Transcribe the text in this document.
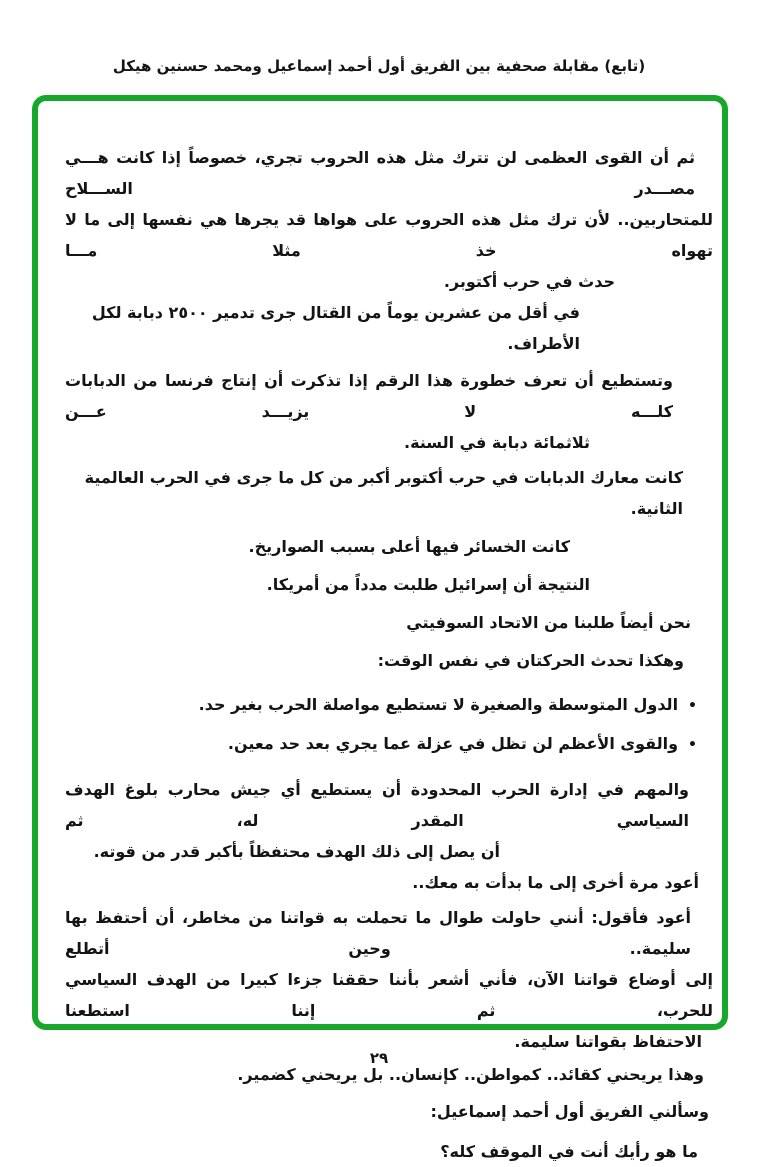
(تابع) مقابلة صحفية بين الفريق أول أحمد إسماعيل ومحمد حسنين هيكل
ثم أن القوى العظمى لن تترك مثل هذه الحروب تجري، خصوصاً إذا كانت هـــي مصـــدر الســـلاح
للمتحاربين.. لأن ترك مثل هذه الحروب على هواها قد يجرها هي نفسها إلى ما لا تهواه خذ مثلا مـــا
حدث في حرب أكتوبر.
في أقل من عشرين يوماً من القتال جرى تدمير ٢٥٠٠ دبابة لكل الأطراف.
وتستطيع أن تعرف خطورة هذا الرقم إذا تذكرت أن إنتاج فرنسا من الدبابات كلـــه لا يزيـــد عـــن
ثلاثمائة دبابة في السنة.
كانت معارك الدبابات في حرب أكتوبر أكبر من كل ما جرى في الحرب العالمية الثانية.
كانت الخسائر فيها أعلى بسبب الصواريخ.
النتيجة أن إسرائيل طلبت مدداً من أمريكا.
نحن أيضاً طلبنا من الاتحاد السوفيتي
وهكذا تحدث الحركتان في نفس الوقت:
•الدول المتوسطة والصغيرة لا تستطيع مواصلة الحرب بغير حد.
•والقوى الأعظم لن تظل في عزلة عما يجري بعد حد معين.
والمهم في إدارة الحرب المحدودة أن يستطيع أي جيش محارب بلوغ الهدف السياسي المقدر له، ثم
أن يصل إلى ذلك الهدف محتفظاً بأكبر قدر من قوته.
أعود مرة أخرى إلى ما بدأت به معك..
أعود فأقول: أنني حاولت طوال ما تحملت به قواتنا من مخاطر، أن أحتفظ بها سليمة.. وحين أتطلع
إلى أوضاع قواتنا الآن، فأني أشعر بأننا حققنا جزءا كبيرا من الهدف السياسي للحرب، ثم إننا استطعنا
الاحتفاظ بقواتنا سليمة.
وهذا يريحني كقائد.. كمواطن.. كإنسان.. بل يريحني كضمير.
وسألني الفريق أول أحمد إسماعيل:
ما هو رأيك أنت في الموقف كله؟
٢٩
